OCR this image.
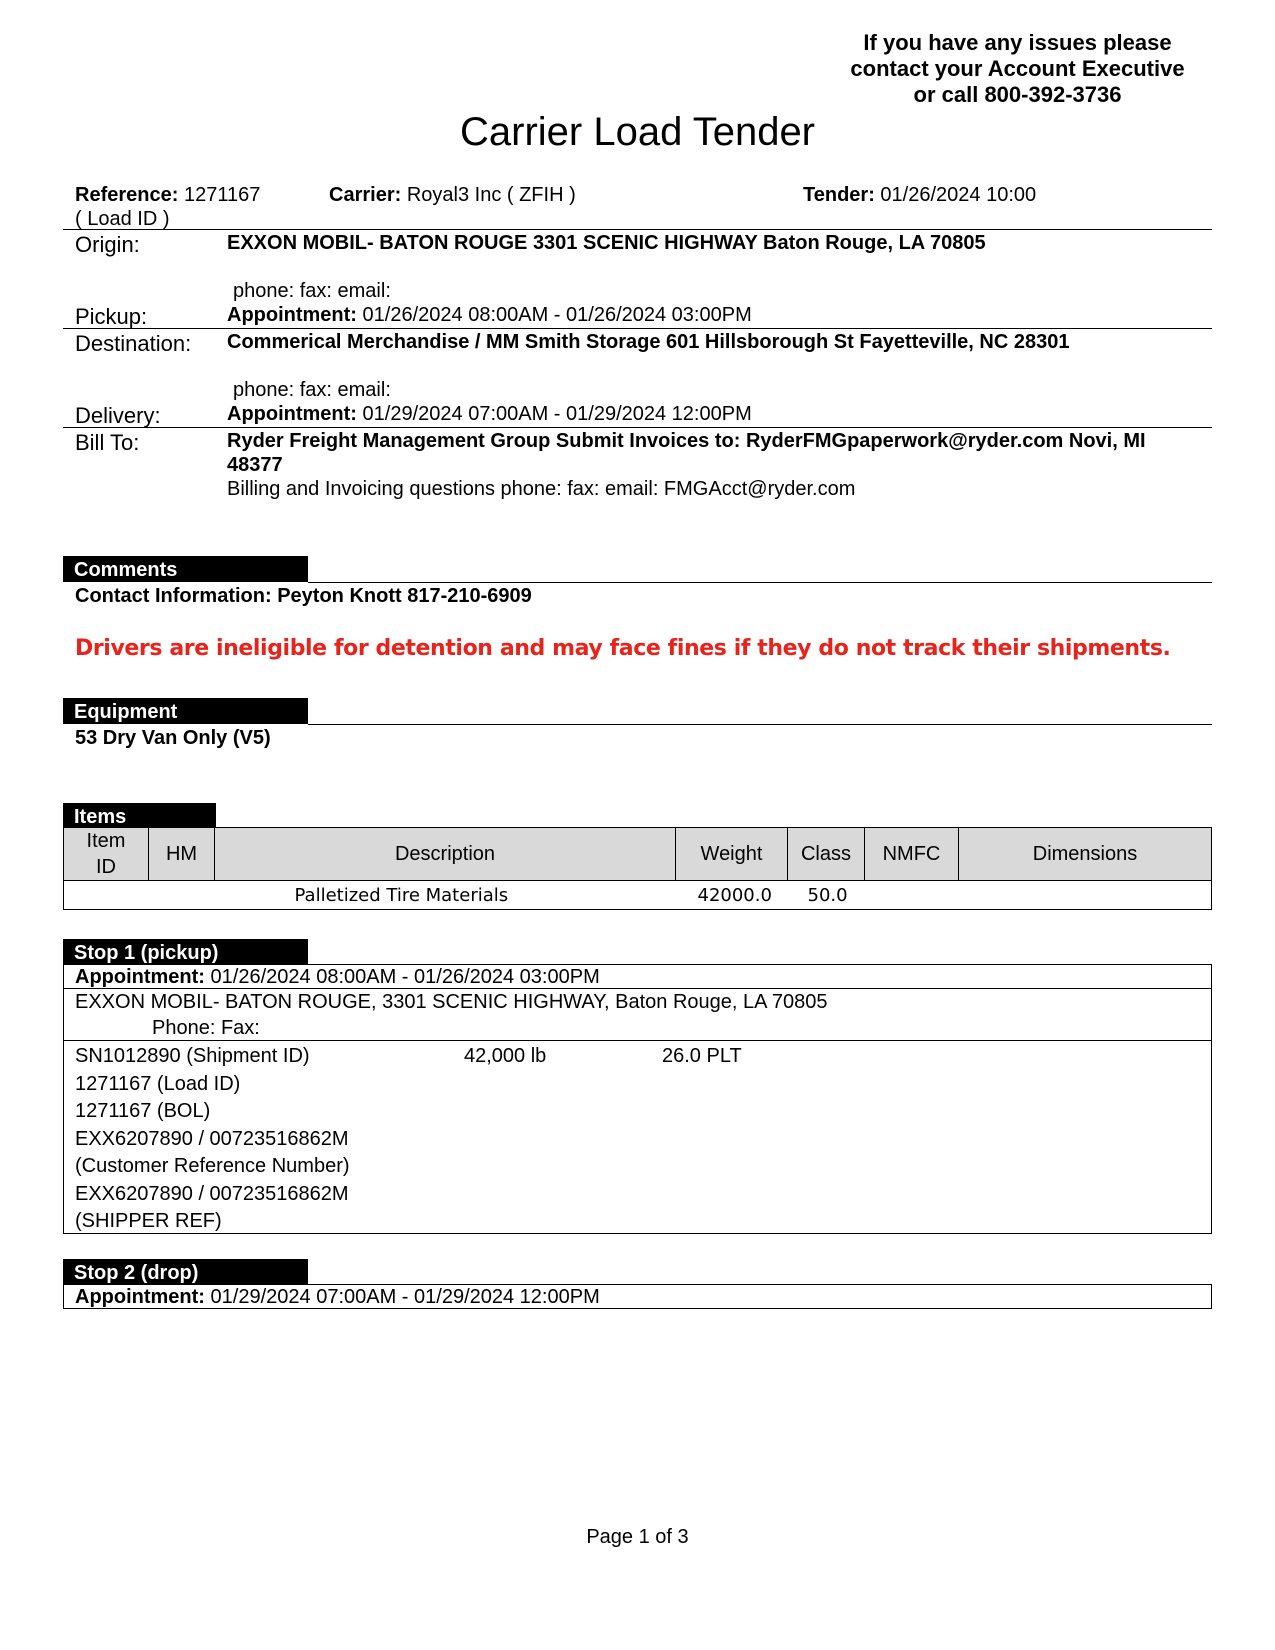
If you have any issues please
contact your Account Executive
or call 800-392-3736
Carrier Load Tender
Reference: 1271167
( Load ID )
Carrier: Royal3 Inc ( ZFIH )	Tender: 01/26/2024 10:00
Origin:	EXXON MOBIL- BATON ROUGE 3301 SCENIC HIGHWAY Baton Rouge, LA 70805
phone: fax: email:
Pickup:	Appointment: 01/26/2024 08:00AM - 01/26/2024 03:00PM
Destination: Commerical Merchandise / MM Smith Storage 601 Hillsborough St Fayetteville, NC 28301
phone: fax: email:
Delivery:	Appointment: 01/29/2024 07:00AM - 01/29/2024 12:00PM
Bill To:	Ryder Freight Management Group Submit Invoices to: RyderFMGpaperwork@ryder.com Novi, MI
48377
Billing and Invoicing questions phone: fax: email: FMGAcct@ryder.com
Comments
Contact Information: Peyton Knott 817-210-6909
Drivers are ineligible for detention and may face fines if they do not track their shipments.
Equipment
53 Dry Van Only (V5)
Items
Item
ID	HM	Description	Weight	Class	NMFC	Dimensions
		Palletized Tire Materials	42000.0	50.0		
Stop 1 (pickup)
Appointment: 01/26/2024 08:00AM - 01/26/2024 03:00PM
EXXON MOBIL- BATON ROUGE, 3301 SCENIC HIGHWAY, Baton Rouge, LA 70805
Phone: Fax:
SN1012890 (Shipment ID)	42,000 lb	26.0 PLT
1271167 (Load ID)
1271167 (BOL)
EXX6207890 / 00723516862M
(Customer Reference Number)
EXX6207890 / 00723516862M
(SHIPPER REF)
Stop 2 (drop)
Appointment: 01/29/2024 07:00AM - 01/29/2024 12:00PM
Page 1 of 3
